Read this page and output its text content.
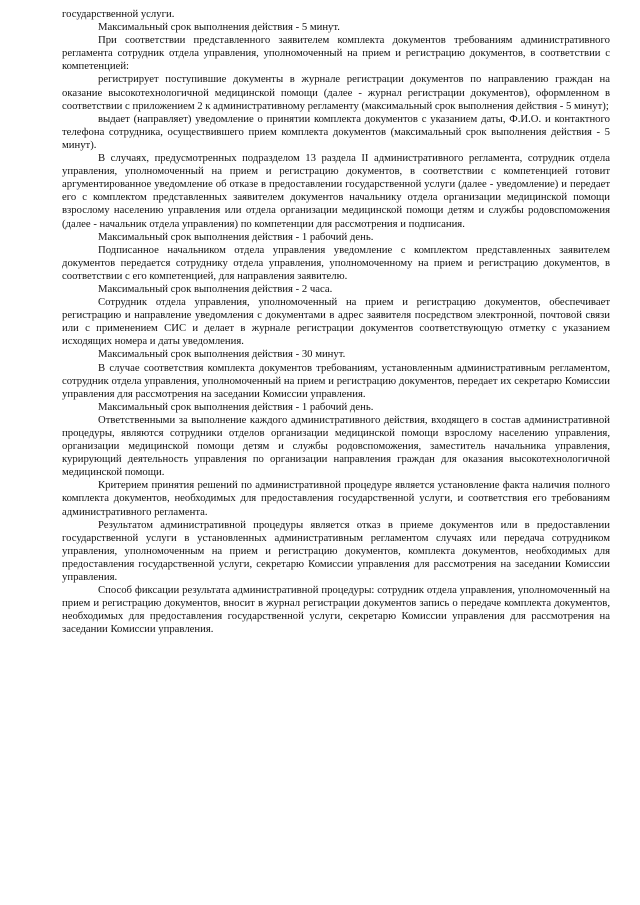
государственной услуги.

Максимальный срок выполнения действия - 5 минут.

При соответствии представленного заявителем комплекта документов требованиям административного регламента сотрудник отдела управления, уполномоченный на прием и регистрацию документов, в соответствии с компетенцией:

регистрирует поступившие документы в журнале регистрации документов по направлению граждан на оказание высокотехнологичной медицинской помощи (далее - журнал регистрации документов), оформленном в соответствии с приложением 2 к административному регламенту (максимальный срок выполнения действия - 5 минут);

выдает (направляет) уведомление о принятии комплекта документов с указанием даты, Ф.И.О. и контактного телефона сотрудника, осуществившего прием комплекта документов (максимальный срок выполнения действия - 5 минут).

В случаях, предусмотренных подразделом 13 раздела II административного регламента, сотрудник отдела управления, уполномоченный на прием и регистрацию документов, в соответствии с компетенцией готовит аргументированное уведомление об отказе в предоставлении государственной услуги (далее - уведомление) и передает его с комплектом представленных заявителем документов начальнику отдела организации медицинской помощи взрослому населению управления или отдела организации медицинской помощи детям и службы родовспоможения (далее - начальник отдела управления) по компетенции для рассмотрения и подписания.

Максимальный срок выполнения действия - 1 рабочий день.

Подписанное начальником отдела управления уведомление с комплектом представленных заявителем документов передается сотруднику отдела управления, уполномоченному на прием и регистрацию документов, в соответствии с его компетенцией, для направления заявителю.

Максимальный срок выполнения действия - 2 часа.

Сотрудник отдела управления, уполномоченный на прием и регистрацию документов, обеспечивает регистрацию и направление уведомления с документами в адрес заявителя посредством электронной, почтовой связи или с применением СИС и делает в журнале регистрации документов соответствующую отметку с указанием исходящих номера и даты уведомления.

Максимальный срок выполнения действия - 30 минут.

В случае соответствия комплекта документов требованиям, установленным административным регламентом, сотрудник отдела управления, уполномоченный на прием и регистрацию документов, передает их секретарю Комиссии управления для рассмотрения на заседании Комиссии управления.

Максимальный срок выполнения действия - 1 рабочий день.

Ответственными за выполнение каждого административного действия, входящего в состав административной процедуры, являются сотрудники отделов организации медицинской помощи взрослому населению управления, организации медицинской помощи детям и службы родовспоможения, заместитель начальника управления, курирующий деятельность управления по организации направления граждан для оказания высокотехнологичной медицинской помощи.

Критерием принятия решений по административной процедуре является установление факта наличия полного комплекта документов, необходимых для предоставления государственной услуги, и соответствия его требованиям административного регламента.

Результатом административной процедуры является отказ в приеме документов или в предоставлении государственной услуги в установленных административным регламентом случаях или передача сотрудником управления, уполномоченным на прием и регистрацию документов, комплекта документов, необходимых для предоставления государственной услуги, секретарю Комиссии управления для рассмотрения на заседании Комиссии управления.

Способ фиксации результата административной процедуры: сотрудник отдела управления, уполномоченный на прием и регистрацию документов, вносит в журнал регистрации документов запись о передаче комплекта документов, необходимых для предоставления государственной услуги, секретарю Комиссии управления для рассмотрения на заседании Комиссии управления.
